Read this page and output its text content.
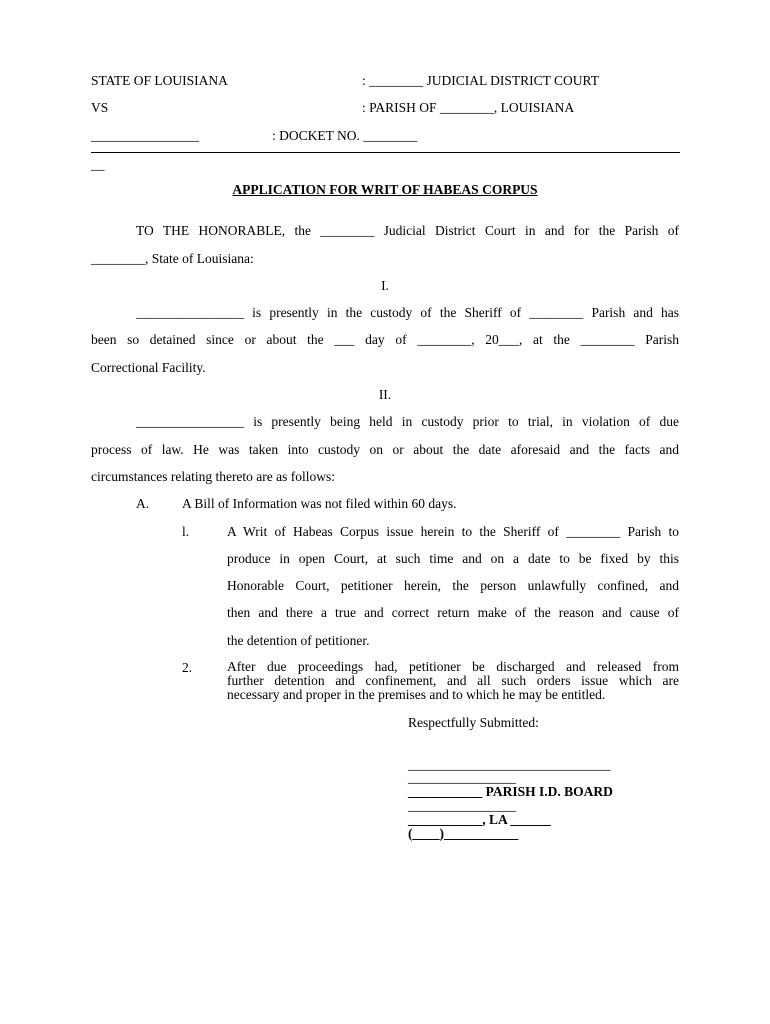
STATE OF LOUISIANA	: ________ JUDICIAL DISTRICT COURT
VS	: PARISH OF ________, LOUISIANA
________________	: DOCKET NO. ________
__
APPLICATION FOR WRIT OF HABEAS CORPUS
TO THE HONORABLE, the ________ Judicial District Court in and for the Parish of
________, State of Louisiana:
I.
________________ is presently in the custody of the Sheriff of ________ Parish and has
been so detained since or about the ___ day of ________, 20___, at the ________ Parish
Correctional Facility.
II.
________________ is presently being held in custody prior to trial, in violation of due
process of law. He was taken into custody on or about the date aforesaid and the facts and
circumstances relating thereto are as follows:
A. A Bill of Information was not filed within 60 days.
l.	A Writ of Habeas Corpus issue herein to the Sheriff of ________ Parish to
produce in open Court, at such time and on a date to be fixed by this
Honorable Court, petitioner herein, the person unlawfully confined, and
then and there a true and correct return make of the reason and cause of
the detention of petitioner.
2.	After due proceedings had, petitioner be discharged and released from
further detention and confinement, and all such orders issue which are
necessary and proper in the premises and to which he may be entitled.
Respectfully Submitted:
______________________________
________________
___________ PARISH I.D. BOARD
________________
___________, LA ______
(____)___________
